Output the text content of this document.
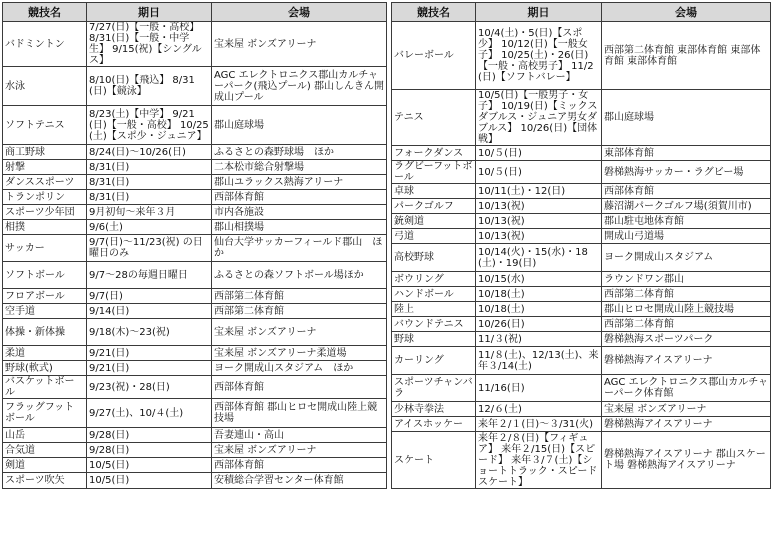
競技名	期日	会場
バドミントン	7/27(日)【一般・高校】 8/31(日)【一般・中学生】 9/15(祝)【シングルス】	宝来屋 ボンズアリーナ
水泳	8/10(日)【飛込】 8/31(日)【競泳】	AGC エレクトロニクス郡山カルチャーパーク(飛込プール) 郡山しんきん開成山プール
ソフトテニス	8/23(土)【中学】 9/21(日)【一般・高校】 10/25(土)【スポ少・ジュニア】	郡山庭球場
商工野球	8/24(日)〜10/26(日)	ふるさとの森野球場　ほか
射撃	8/31(日)	二本松市総合射撃場
ダンススポーツ	8/31(日)	郡山ユラックス熱海アリーナ
トランポリン	8/31(日)	西部体育館
スポーツ少年団	9月初旬〜来年３月	市内各施設
相撲	9/6(土)	郡山相撲場
サッカー	9/7(日)〜11/23(祝) の日曜日のみ	仙台大学サッカーフィールド郡山　ほか
ソフトボール	9/7〜28の毎週日曜日	ふるさとの森ソフトボール場ほか
フロアボール	9/7(日)	西部第二体育館
空手道	9/14(日)	西部第二体育館
体操・新体操	9/18(木)〜23(祝)	宝来屋 ボンズアリーナ
柔道	9/21(日)	宝来屋 ボンズアリーナ柔道場
野球(軟式)	9/21(日)	ヨーク開成山スタジアム　ほか
バスケットボール	9/23(祝)・28(日)	西部体育館
フラッグフットボール	9/27(土)、10/４(土)	西部体育館 郡山ヒロセ開成山陸上競技場
山岳	9/28(日)	吾妻連山・高山
合気道	9/28(日)	宝来屋 ボンズアリーナ
剣道	10/5(日)	西部体育館
スポーツ吹矢	10/5(日)	安積総合学習センター体育館
競技名	期日	会場
バレーボール	10/4(土)・5(日)【スポ少】 10/12(日)【一般女子】 10/25(土)・26(日) 【一般・高校男子】 11/2(日)【ソフトバレー】	西部第二体育館 東部体育館 東部体育館 東部体育館
テニス	10/5(日)【一般男子・女子】 10/19(日)【ミックスダブルス・ジュニア男女ダブルス】 10/26(日)【団体戦】	郡山庭球場
フォークダンス	10/５(日)	東部体育館
ラグビーフットボール	10/５(日)	磐梯熱海サッカー・ラグビー場
卓球	10/11(土)・12(日)	西部体育館
パークゴルフ	10/13(祝)	藤沼湖パークゴルフ場(須賀川市)
銃剣道	10/13(祝)	郡山駐屯地体育館
弓道	10/13(祝)	開成山弓道場
高校野球	10/14(火)・15(水)・18(土)・19(日)	ヨーク開成山スタジアム
ボウリング	10/15(水)	ラウンドワン郡山
ハンドボール	10/18(土)	西部第二体育館
陸上	10/18(土)	郡山ヒロセ開成山陸上競技場
バウンドテニス	10/26(日)	西部第二体育館
野球	11/３(祝)	磐梯熱海スポーツパーク
カーリング	11/８(土)、12/13(土)、来年３/14(土)	磐梯熱海アイスアリーナ
スポーツチャンバラ	11/16(日)	AGC エレクトロニクス郡山カルチャーパーク体育館
少林寺拳法	12/６(土)	宝来屋 ボンズアリーナ
アイスホッケー	来年２/１(日)〜３/31(火)	磐梯熱海アイスアリーナ
スケート	来年２/８(日)【フィギュア】 来年２/15(日)【スピード】 来年３/７(土)【ショートトラック・スピードスケート】	磐梯熱海アイスアリーナ 郡山スケート場 磐梯熱海アイスアリーナ
